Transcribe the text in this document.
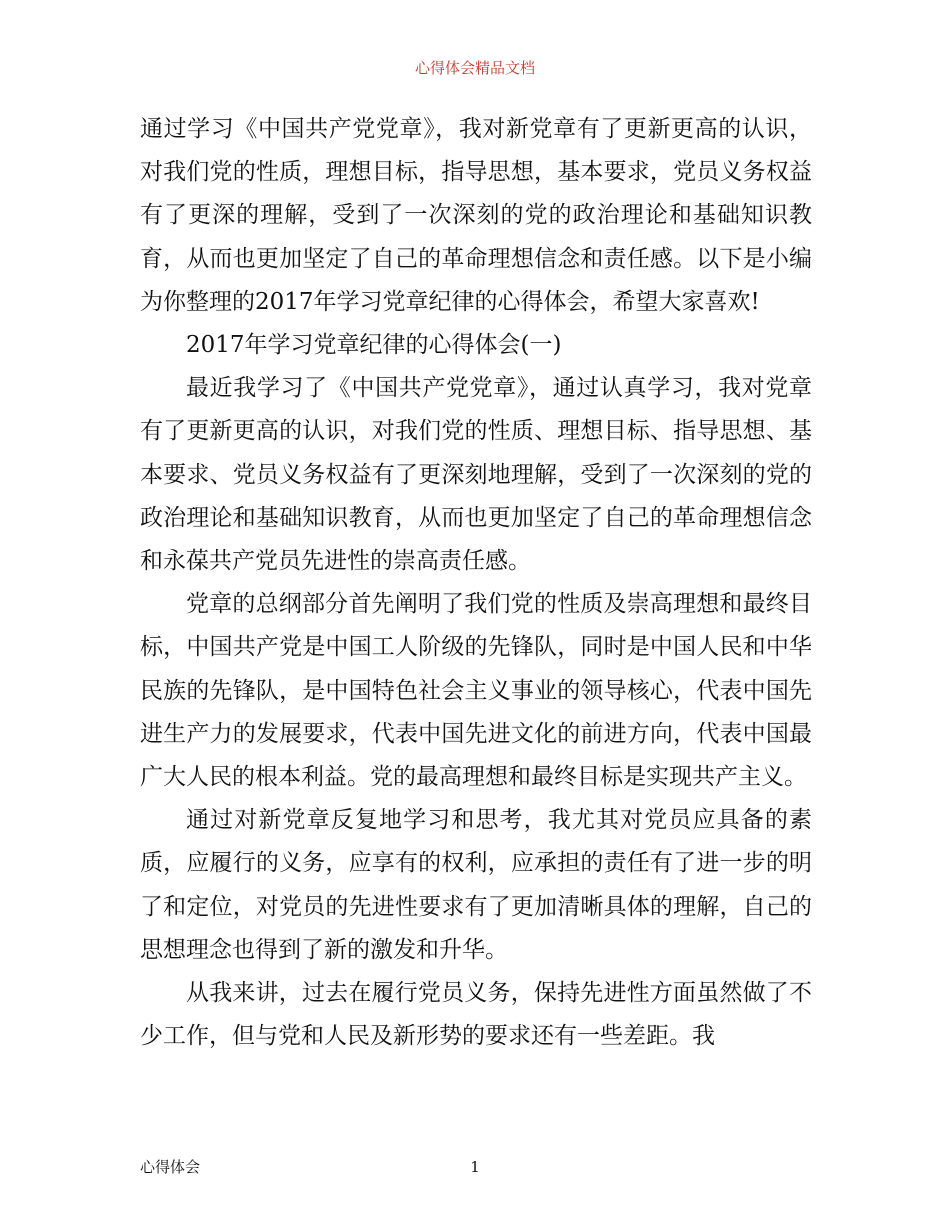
心得体会精品文档

通过学习《中国共产党党章》，我对新党章有了更新更高的认识，对我们党的性质，理想目标，指导思想，基本要求，党员义务权益有了更深的理解，受到了一次深刻的党的政治理论和基础知识教育，从而也更加坚定了自己的革命理想信念和责任感。以下是小编为你整理的2017年学习党章纪律的心得体会，希望大家喜欢!

2017年学习党章纪律的心得体会(一)

最近我学习了《中国共产党党章》，通过认真学习，我对党章有了更新更高的认识，对我们党的性质、理想目标、指导思想、基本要求、党员义务权益有了更深刻地理解，受到了一次深刻的党的政治理论和基础知识教育，从而也更加坚定了自己的革命理想信念和永葆共产党员先进性的崇高责任感。

党章的总纲部分首先阐明了我们党的性质及崇高理想和最终目标，中国共产党是中国工人阶级的先锋队，同时是中国人民和中华民族的先锋队，是中国特色社会主义事业的领导核心，代表中国先进生产力的发展要求，代表中国先进文化的前进方向，代表中国最广大人民的根本利益。党的最高理想和最终目标是实现共产主义。

通过对新党章反复地学习和思考，我尤其对党员应具备的素质，应履行的义务，应享有的权利，应承担的责任有了进一步的明了和定位，对党员的先进性要求有了更加清晰具体的理解，自己的思想理念也得到了新的激发和升华。

从我来讲，过去在履行党员义务，保持先进性方面虽然做了不少工作，但与党和人民及新形势的要求还有一些差距。我

心得体会	1
